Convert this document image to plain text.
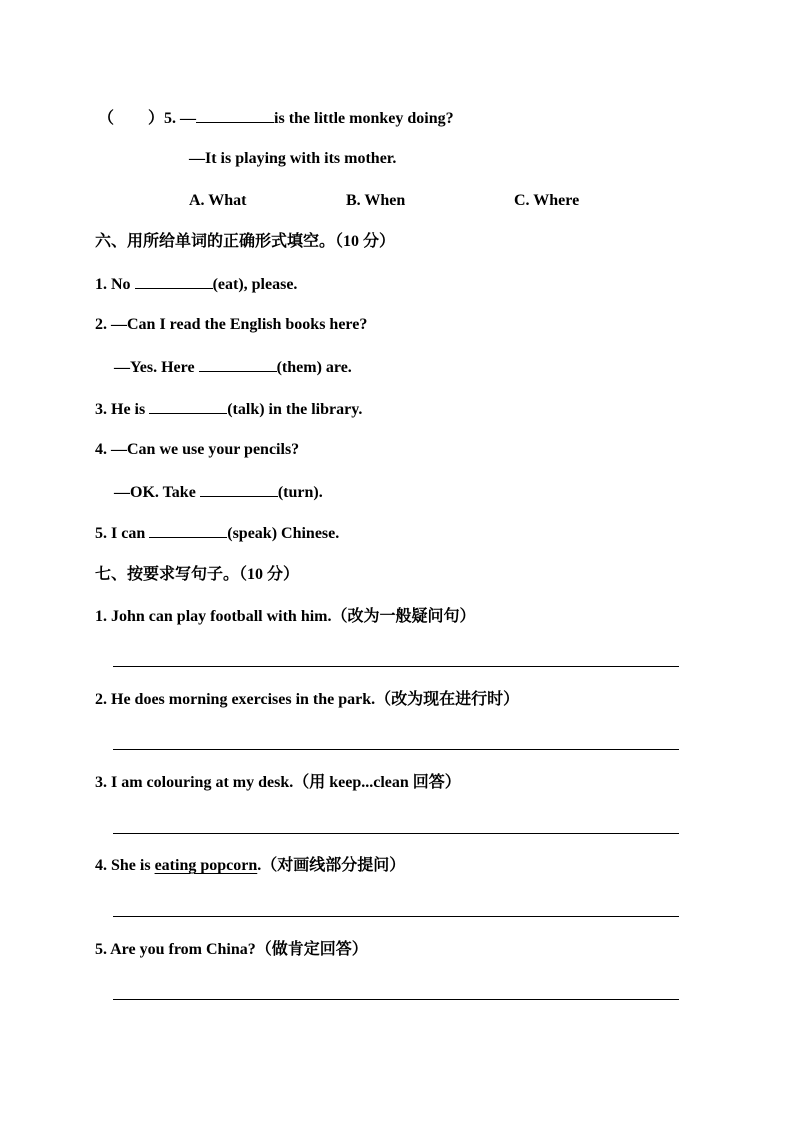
（ ）5. —	is the little monkey doing?
—It is playing with its mother.
A. What	B. When	C. Where
六、用所给单词的正确形式填空。（10 分）
1. No	(eat), please.
2. —Can I read the English books here?
—Yes. Here	(them) are.
3. He is	(talk) in the library.
4. —Can we use your pencils?
—OK. Take	(turn).
5. I can	(speak) Chinese.
七、按要求写句子。（10 分）
1. John can play football with him.（改为一般疑问句）
2. He does morning exercises in the park.（改为现在进行时）
3. I am colouring at my desk.（用 keep...clean 回答）
4. She is eating popcorn.（对画线部分提问）
5. Are you from China?（做肯定回答）
